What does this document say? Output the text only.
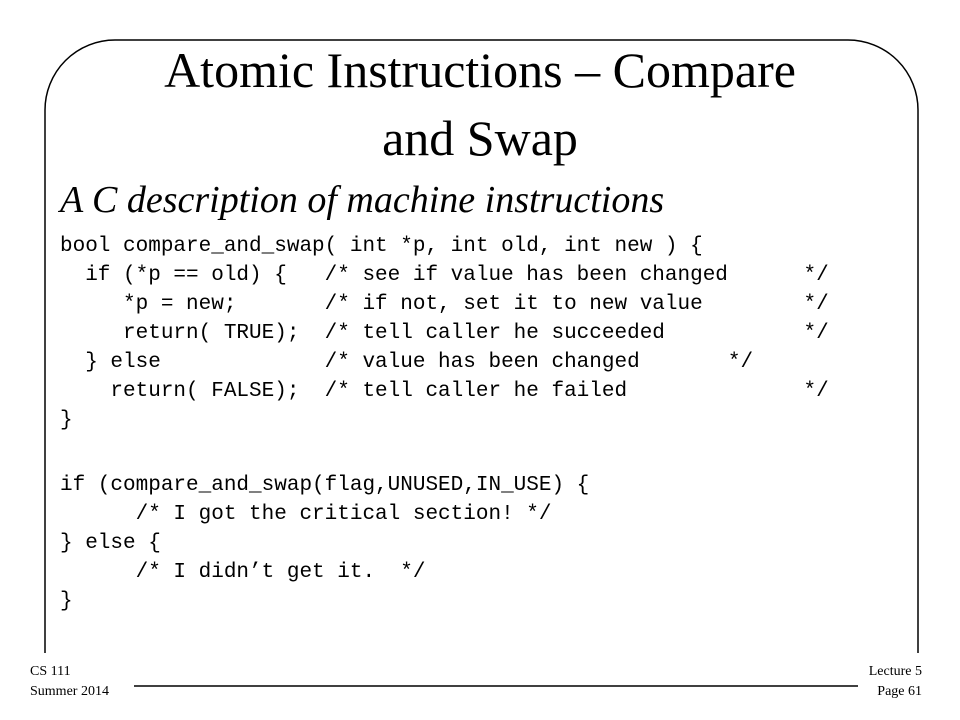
Atomic Instructions – Compare
and Swap
A C description of machine instructions
bool compare_and_swap( int *p, int old, int new ) {
if (*p == old) {   /* see if value has been changed      */
*p = new;       /* if not, set it to new value        */
return( TRUE);  /* tell caller he succeeded           */
} else             /* value has been changed       */
return( FALSE);  /* tell caller he failed              */
}
if (compare_and_swap(flag,UNUSED,IN_USE) {
/* I got the critical section! */
} else {
/* I didn’t get it.  */
}
CS 111
Summer 2014
Lecture 5
Page 61
